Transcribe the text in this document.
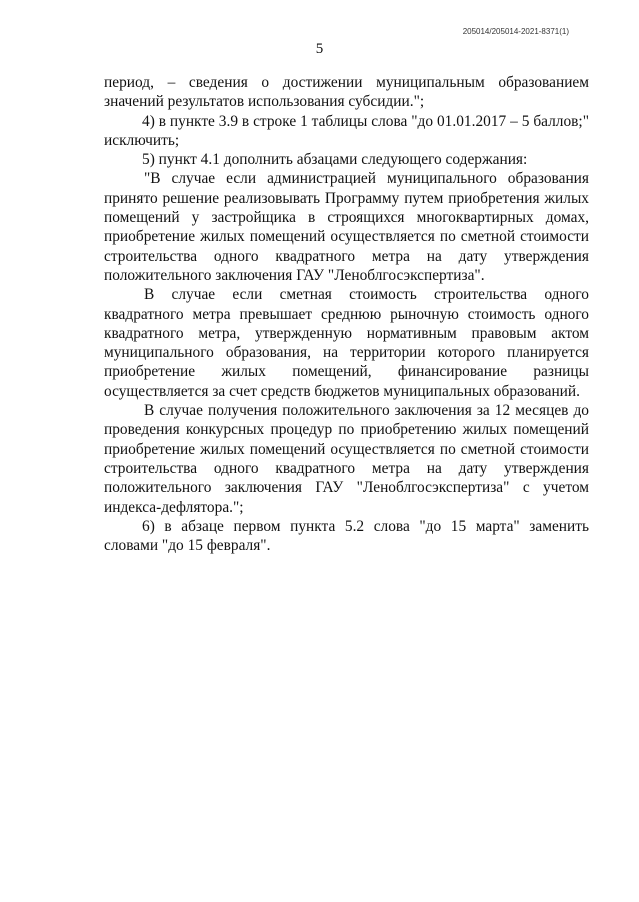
205014/205014-2021-8371(1)
5

период, – сведения о достижении муниципальным образованием значений результатов использования субсидии.";

4) в пункте 3.9 в строке 1 таблицы слова "до 01.01.2017 – 5 баллов;" исключить;

5) пункт 4.1 дополнить абзацами следующего содержания:

"В случае если администрацией муниципального образования принято решение реализовывать Программу путем приобретения жилых помещений у застройщика в строящихся многоквартирных домах, приобретение жилых помещений осуществляется по сметной стоимости строительства одного квадратного метра на дату утверждения положительного заключения ГАУ "Леноблгосэкспертиза".

В случае если сметная стоимость строительства одного квадратного метра превышает среднюю рыночную стоимость одного квадратного метра, утвержденную нормативным правовым актом муниципального образования, на территории которого планируется приобретение жилых помещений, финансирование разницы осуществляется за счет средств бюджетов муниципальных образований.

В случае получения положительного заключения за 12 месяцев до проведения конкурсных процедур по приобретению жилых помещений приобретение жилых помещений осуществляется по сметной стоимости строительства одного квадратного метра на дату утверждения положительного заключения ГАУ "Леноблгосэкспертиза" с учетом индекса-дефлятора.";

6) в абзаце первом пункта 5.2 слова "до 15 марта" заменить словами "до 15 февраля".
